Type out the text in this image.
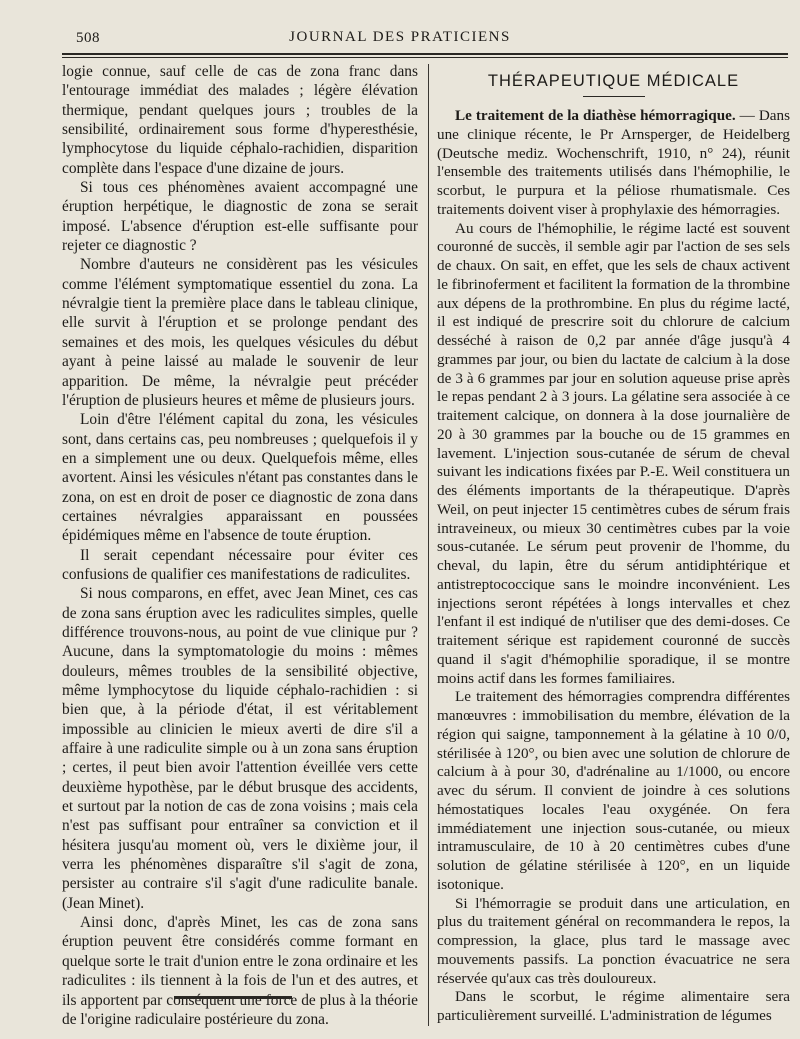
508	JOURNAL DES PRATICIENS

logie connue, sauf celle de cas de zona franc dans l'entourage immédiat des malades ; légère élévation thermique, pendant quelques jours ; troubles de la sensibilité, ordinairement sous forme d'hyperesthésie, lymphocytose du liquide céphalo-rachidien, disparition complète dans l'espace d'une dizaine de jours.

Si tous ces phénomènes avaient accompagné une éruption herpétique, le diagnostic de zona se serait imposé. L'absence d'éruption est-elle suffisante pour rejeter ce diagnostic ?

Nombre d'auteurs ne considèrent pas les vésicules comme l'élément symptomatique essentiel du zona. La névralgie tient la première place dans le tableau clinique, elle survit à l'éruption et se prolonge pendant des semaines et des mois, les quelques vésicules du début ayant à peine laissé au malade le souvenir de leur apparition. De même, la névralgie peut précéder l'éruption de plusieurs heures et même de plusieurs jours.

Loin d'être l'élément capital du zona, les vésicules sont, dans certains cas, peu nombreuses ; quelquefois il y en a simplement une ou deux. Quelquefois même, elles avortent. Ainsi les vésicules n'étant pas constantes dans le zona, on est en droit de poser ce diagnostic de zona dans certaines névralgies apparaissant en poussées épidémiques même en l'absence de toute éruption.

Il serait cependant nécessaire pour éviter ces confusions de qualifier ces manifestations de radiculites.

Si nous comparons, en effet, avec Jean Minet, ces cas de zona sans éruption avec les radiculites simples, quelle différence trouvons-nous, au point de vue clinique pur ? Aucune, dans la symptomatologie du moins : mêmes douleurs, mêmes troubles de la sensibilité objective, même lymphocytose du liquide céphalo-rachidien : si bien que, à la période d'état, il est véritablement impossible au clinicien le mieux averti de dire s'il a affaire à une radiculite simple ou à un zona sans éruption ; certes, il peut bien avoir l'attention éveillée vers cette deuxième hypothèse, par le début brusque des accidents, et surtout par la notion de cas de zona voisins ; mais cela n'est pas suffisant pour entraîner sa conviction et il hésitera jusqu'au moment où, vers le dixième jour, il verra les phénomènes disparaître s'il s'agit de zona, persister au contraire s'il s'agit d'une radiculite banale. (Jean Minet).

Ainsi donc, d'après Minet, les cas de zona sans éruption peuvent être considérés comme formant en quelque sorte le trait d'union entre le zona ordinaire et les radiculites : ils tiennent à la fois de l'un et des autres, et ils apportent par conséquent une force de plus à la théorie de l'origine radiculaire postérieure du zona.

THÉRAPEUTIQUE MÉDICALE

Le traitement de la diathèse hémorragique. — Dans une clinique récente, le Pr Arnsperger, de Heidelberg (Deutsche mediz. Wochenschrift, 1910, n° 24), réunit l'ensemble des traitements utilisés dans l'hémophilie, le scorbut, le purpura et la péliose rhumatismale. Ces traitements doivent viser à prophylaxie des hémorragies.

Au cours de l'hémophilie, le régime lacté est souvent couronné de succès, il semble agir par l'action de ses sels de chaux. On sait, en effet, que les sels de chaux activent le fibrinoferment et facilitent la formation de la thrombine aux dépens de la prothrombine. En plus du régime lacté, il est indiqué de prescrire soit du chlorure de calcium desséché à raison de 0,2 par année d'âge jusqu'à 4 grammes par jour, ou bien du lactate de calcium à la dose de 3 à 6 grammes par jour en solution aqueuse prise après le repas pendant 2 à 3 jours. La gélatine sera associée à ce traitement calcique, on donnera à la dose journalière de 20 à 30 grammes par la bouche ou de 15 grammes en lavement. L'injection sous-cutanée de sérum de cheval suivant les indications fixées par P.-E. Weil constituera un des éléments importants de la thérapeutique. D'après Weil, on peut injecter 15 centimètres cubes de sérum frais intraveineux, ou mieux 30 centimètres cubes par la voie sous-cutanée. Le sérum peut provenir de l'homme, du cheval, du lapin, être du sérum antidiphtérique et antistreptococcique sans le moindre inconvénient. Les injections seront répétées à longs intervalles et chez l'enfant il est indiqué de n'utiliser que des demi-doses. Ce traitement sérique est rapidement couronné de succès quand il s'agit d'hémophilie sporadique, il se montre moins actif dans les formes familiaires.

Le traitement des hémorragies comprendra différentes manœuvres : immobilisation du membre, élévation de la région qui saigne, tamponnement à la gélatine à 10 0/0, stérilisée à 120°, ou bien avec une solution de chlorure de calcium à à pour 30, d'adrénaline au 1/1000, ou encore avec du sérum. Il convient de joindre à ces solutions hémostatiques locales l'eau oxygénée. On fera immédiatement une injection sous-cutanée, ou mieux intramusculaire, de 10 à 20 centimètres cubes d'une solution de gélatine stérilisée à 120°, en un liquide isotonique.

Si l'hémorragie se produit dans une articulation, en plus du traitement général on recommandera le repos, la compression, la glace, plus tard le massage avec mouvements passifs. La ponction évacuatrice ne sera réservée qu'aux cas très douloureux.

Dans le scorbut, le régime alimentaire sera particulièrement surveillé. L'administration de légumes
